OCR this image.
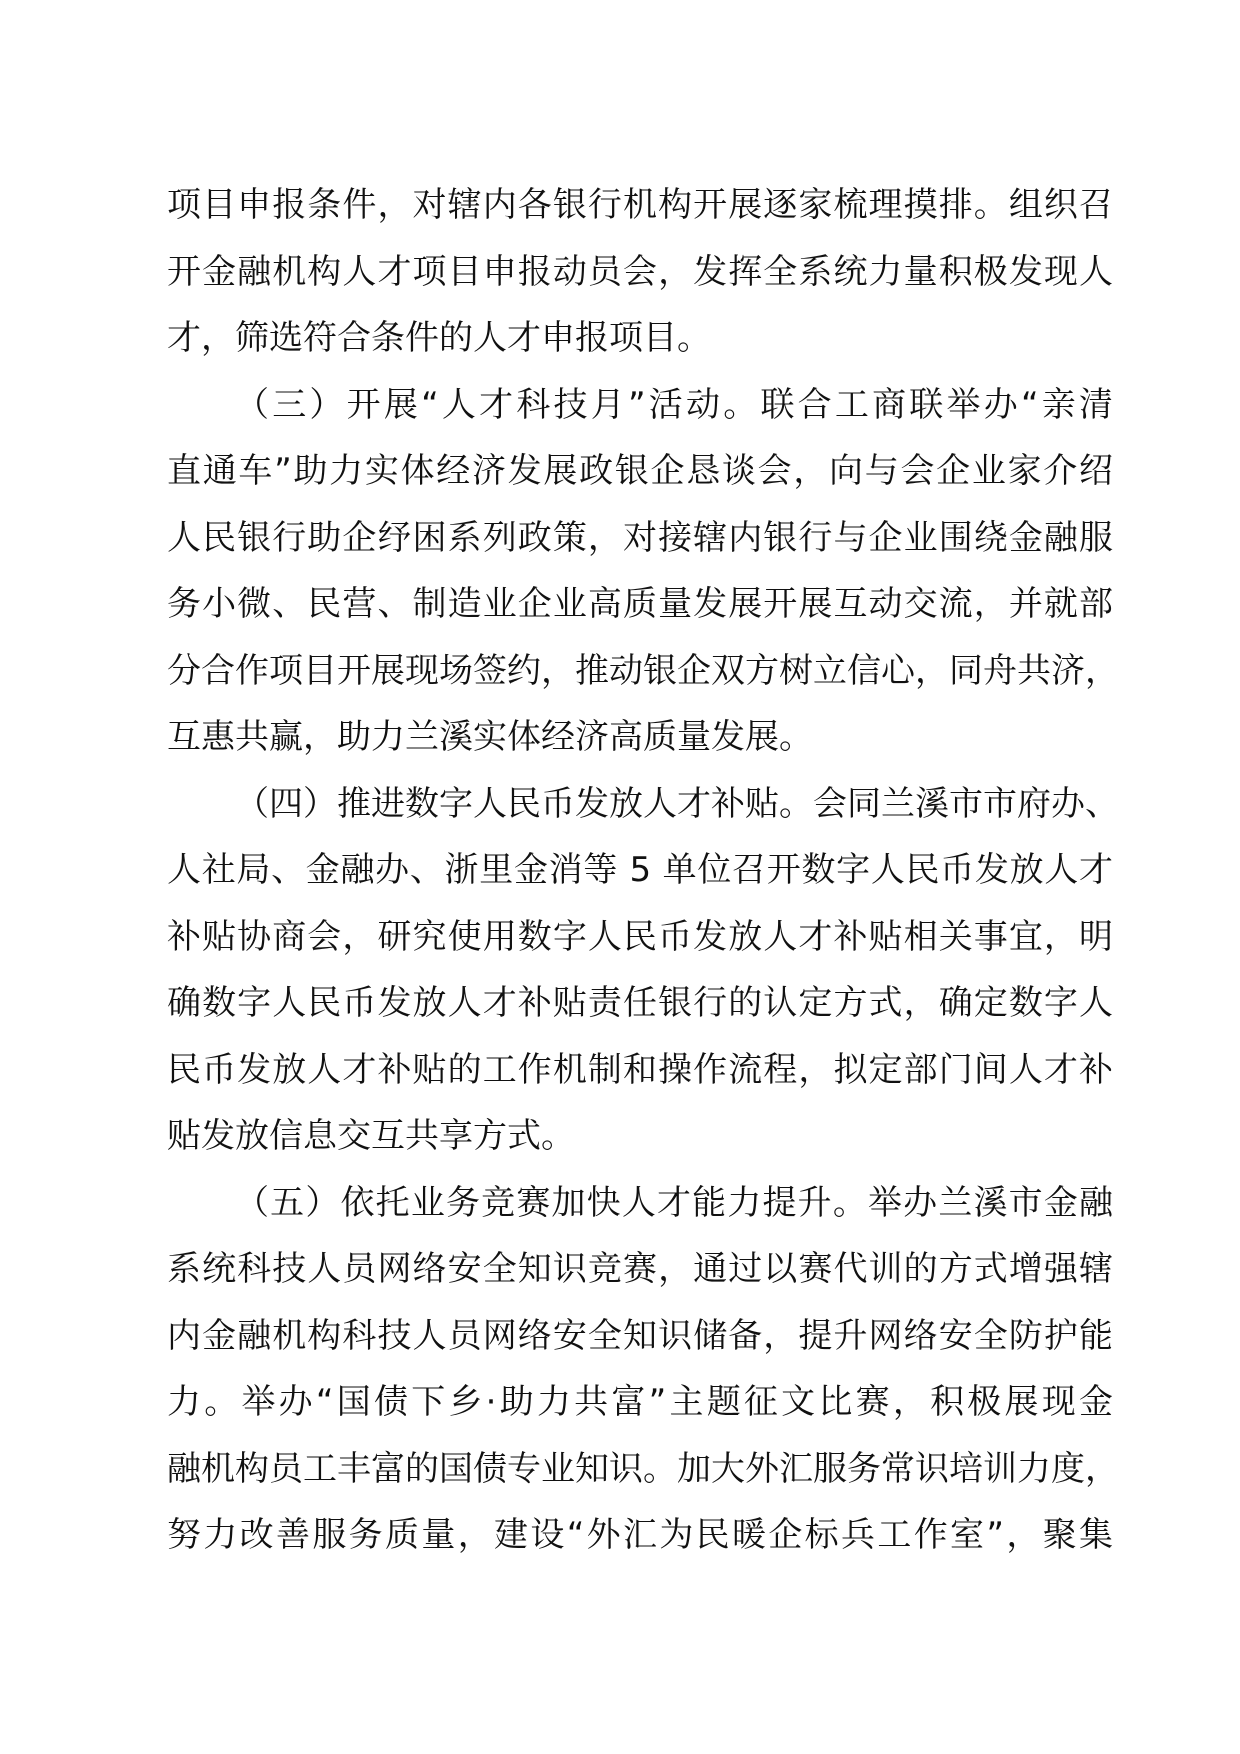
项目申报条件，对辖内各银行机构开展逐家梳理摸排。组织召
开金融机构人才项目申报动员会，发挥全系统力量积极发现人
才，筛选符合条件的人才申报项目。
（三）开展“人才科技月”活动。联合工商联举办“亲清
直通车”助力实体经济发展政银企恳谈会，向与会企业家介绍
人民银行助企纾困系列政策，对接辖内银行与企业围绕金融服
务小微、民营、制造业企业高质量发展开展互动交流，并就部
分合作项目开展现场签约，推动银企双方树立信心，同舟共济，
互惠共赢，助力兰溪实体经济高质量发展。
（四）推进数字人民币发放人才补贴。会同兰溪市市府办、
人社局、金融办、浙里金消等 5 单位召开数字人民币发放人才
补贴协商会，研究使用数字人民币发放人才补贴相关事宜，明
确数字人民币发放人才补贴责任银行的认定方式，确定数字人
民币发放人才补贴的工作机制和操作流程，拟定部门间人才补
贴发放信息交互共享方式。
（五）依托业务竞赛加快人才能力提升。举办兰溪市金融
系统科技人员网络安全知识竞赛，通过以赛代训的方式增强辖
内金融机构科技人员网络安全知识储备，提升网络安全防护能
力。举办“国债下乡·助力共富”主题征文比赛，积极展现金
融机构员工丰富的国债专业知识。加大外汇服务常识培训力度，
努力改善服务质量，建设“外汇为民暖企标兵工作室”，聚集
